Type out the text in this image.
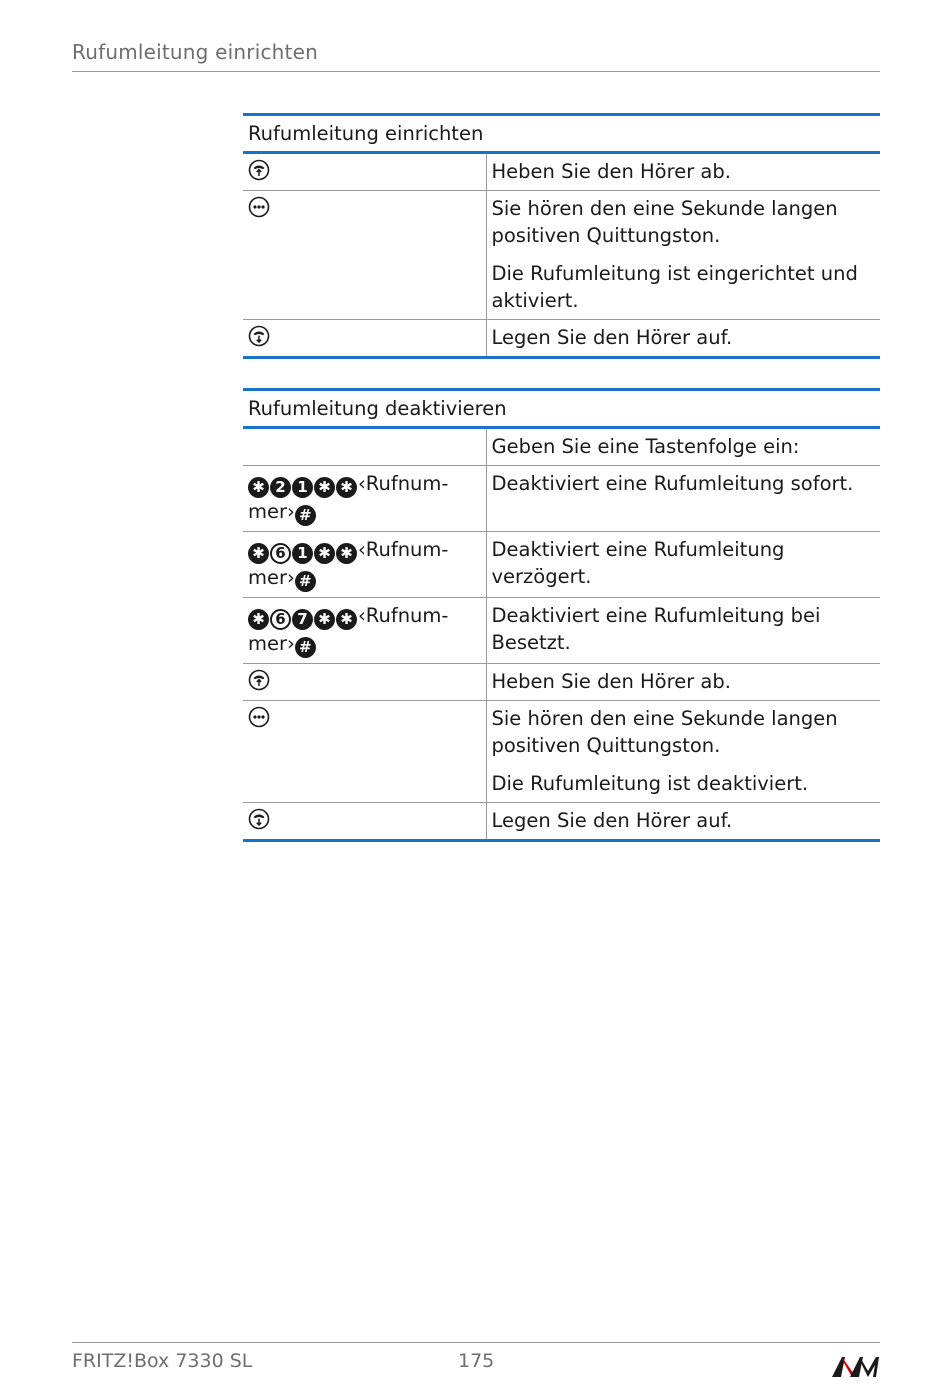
Rufumleitung einrichten
Rufumleitung einrichten	

Heben Sie den Hörer ab.

Sie hören den eine Sekunde langen positiven Quittungston.
Die Rufumleitung ist eingerichtet und aktiviert.

Legen Sie den Hörer auf.
Rufumleitung deaktivieren	

	Geben Sie eine Tastenfolge ein:

✱ 2 1 ✱ ✱ ‹Rufnum-
mer› #	Deaktiviert eine Rufumleitung sofort.

✱ 6 1 ✱ ✱ ‹Rufnum-
mer› #	Deaktiviert eine Rufumleitung verzögert.

✱ 6 7 ✱ ✱ ‹Rufnum-
mer› #	Deaktiviert eine Rufumleitung bei Besetzt.

Heben Sie den Hörer ab.

Sie hören den eine Sekunde langen positiven Quittungston.
Die Rufumleitung ist deaktiviert.

Legen Sie den Hörer auf.
FRITZ!Box 7330 SL	175
